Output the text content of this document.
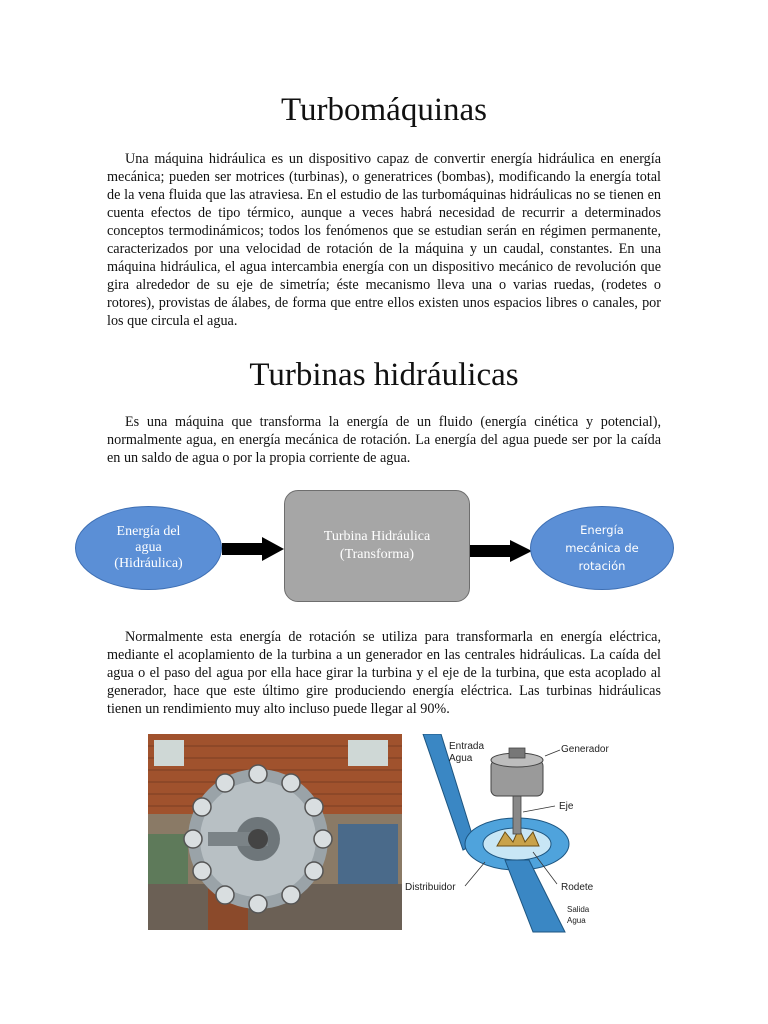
Turbomáquinas

Una máquina hidráulica es un dispositivo capaz de convertir energía hidráulica en energía mecánica; pueden ser motrices (turbinas), o generatrices (bombas), modificando la energía total de la vena fluida que las atraviesa. En el estudio de las turbomáquinas hidráulicas no se tienen en cuenta efectos de tipo térmico, aunque a veces habrá necesidad de recurrir a determinados conceptos termodinámicos; todos los fenómenos que se estudian serán en régimen permanente, caracterizados por una velocidad de rotación de la máquina y un caudal, constantes. En una máquina hidráulica, el agua intercambia energía con un dispositivo mecánico de revolución que gira alrededor de su eje de simetría; éste mecanismo lleva una o varias ruedas, (rodetes o rotores), provistas de álabes, de forma que entre ellos existen unos espacios libres o canales, por los que circula el agua.

Turbinas hidráulicas

Es una máquina que transforma la energía de un fluido (energía cinética y potencial), normalmente agua, en energía mecánica de rotación. La energía del agua puede ser por la caída en un saldo de agua o por la propia corriente de agua.

Energía del
agua
(Hidráulica)
Turbina Hidráulica
(Transforma)
Energía
mecánica de
rotación

Normalmente esta energía de rotación se utiliza para transformarla en energía eléctrica, mediante el acoplamiento de la turbina a un generador en las centrales hidráulicas. La caída del agua o el paso del agua por ella hace girar la turbina y el eje de la turbina, que esta acoplado al generador, hace que este último gire produciendo energía eléctrica. Las turbinas hidráulicas tienen un rendimiento muy alto incluso puede llegar al 90%.

Entrada
Agua
Generador
Eje
Distribuidor	Rodete
Salida
Agua
